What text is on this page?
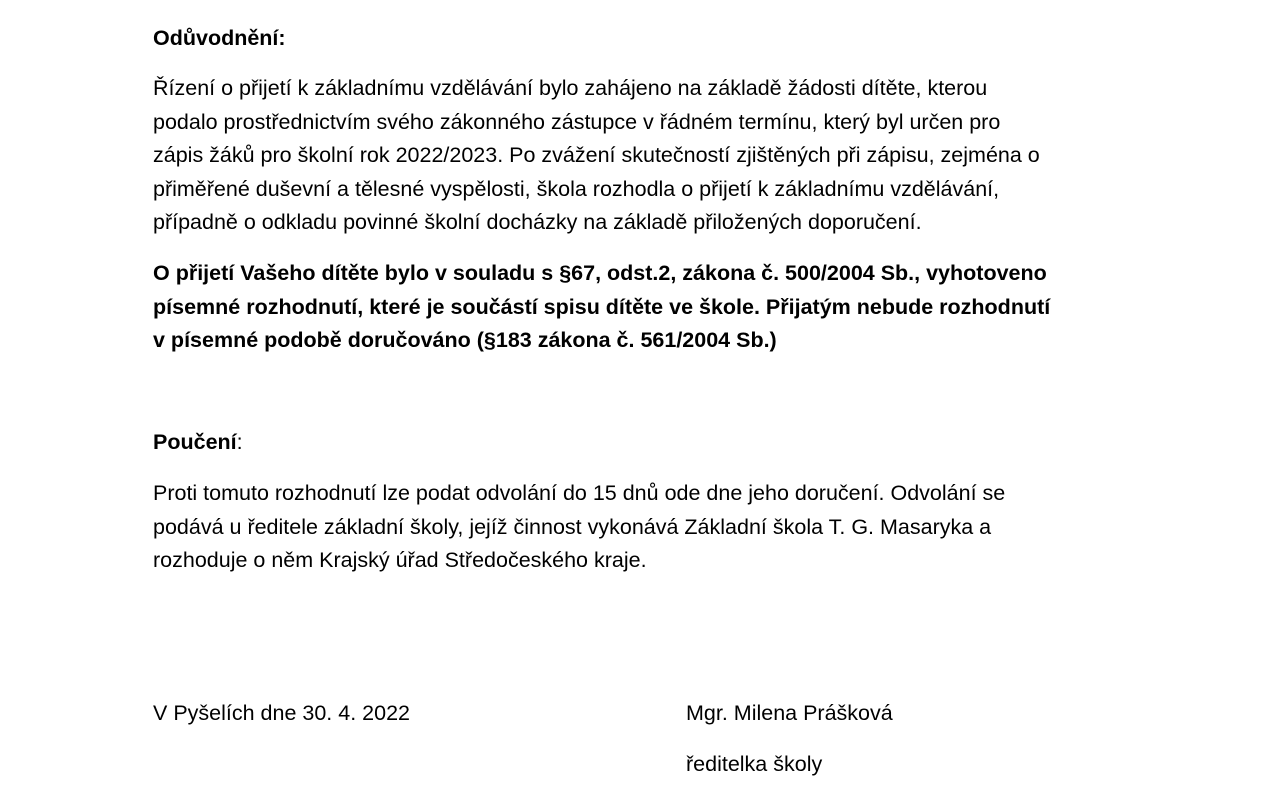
Odůvodnění:

Řízení o přijetí k základnímu vzdělávání bylo zahájeno na základě žádosti dítěte, kterou
podalo prostřednictvím svého zákonného zástupce v řádném termínu, který byl určen pro
zápis žáků pro školní rok 2022/2023. Po zvážení skutečností zjištěných při zápisu, zejména o
přiměřené duševní a tělesné vyspělosti, škola rozhodla o přijetí k základnímu vzdělávání,
případně o odkladu povinné školní docházky na základě přiložených doporučení.
O přijetí Vašeho dítěte bylo v souladu s §67, odst.2, zákona č. 500/2004 Sb., vyhotoveno
písemné rozhodnutí, které je součástí spisu dítěte ve škole. Přijatým nebude rozhodnutí
v písemné podobě doručováno (§183 zákona č. 561/2004 Sb.)

Poučení:

Proti tomuto rozhodnutí lze podat odvolání do 15 dnů ode dne jeho doručení. Odvolání se
podává u ředitele základní školy, jejíž činnost vykonává Základní škola T. G. Masaryka a
rozhoduje o něm Krajský úřad Středočeského kraje.
V Pyšelích dne 30. 4. 2022	Mgr. Milena Prášková
ředitelka školy
